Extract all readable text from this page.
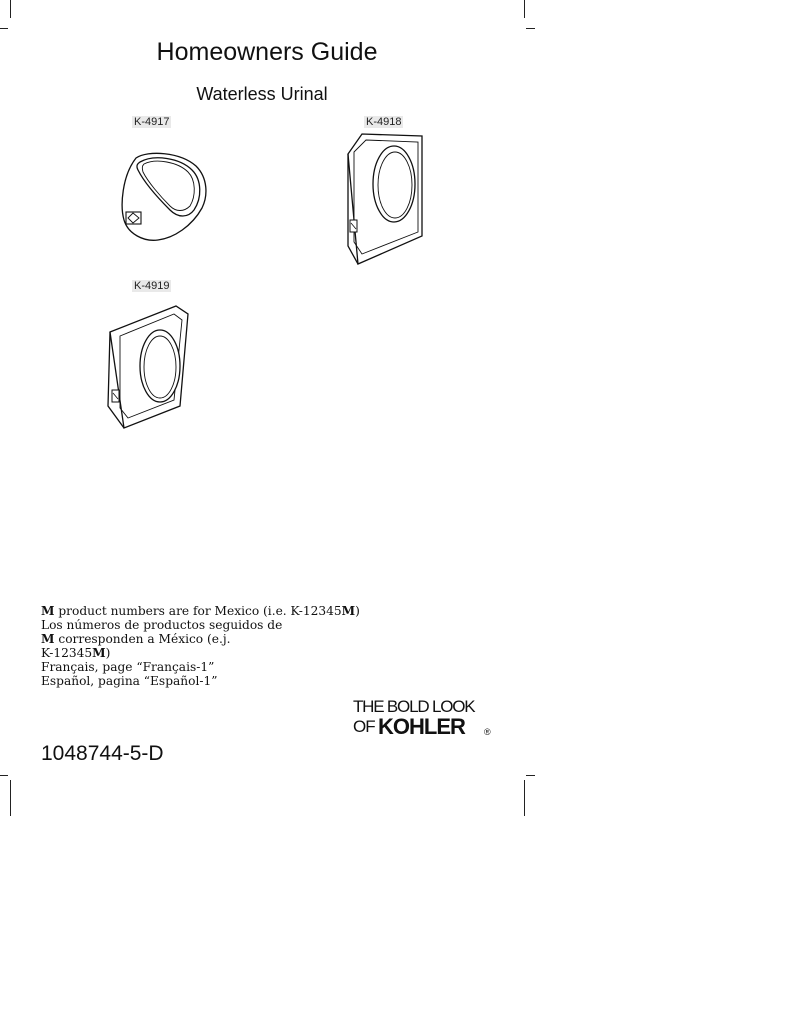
Homeowners Guide
Waterless Urinal
K-4917	K-4918
K-4919
M product numbers are for Mexico (i.e. K-12345M)
Los números de productos seguidos de
M corresponden a México (e.j.
K-12345M)
Français, page “Français-1”
Español, pagina “Español-1”
THE BOLD LOOK
OF KOHLER ®
1048744-5-D
